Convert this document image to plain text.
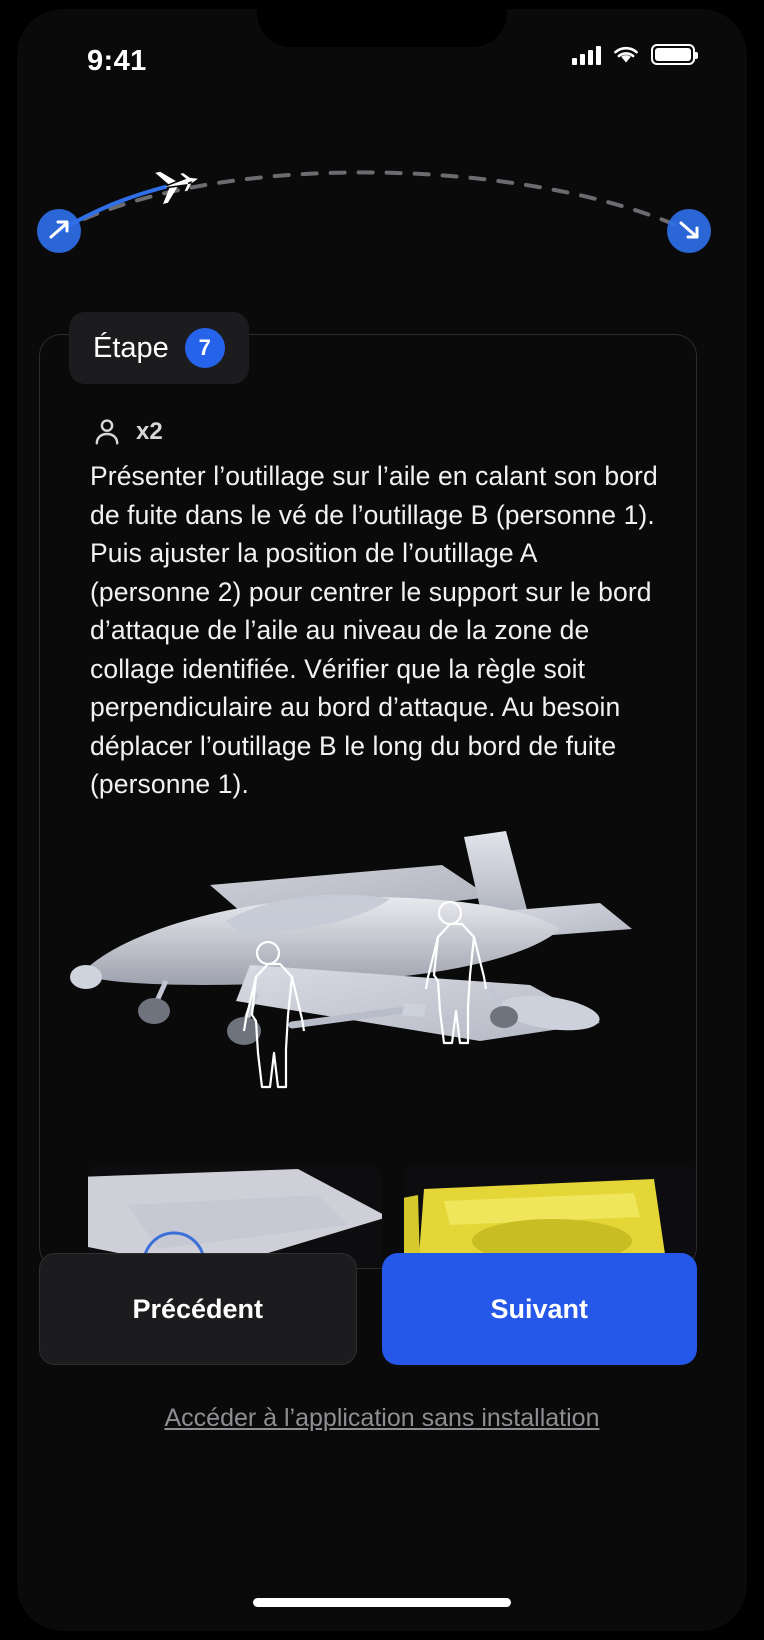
9:41
Étape	7
x2
Présenter l’outillage sur l’aile en calant son bord de fuite dans le vé de l’outillage B (personne 1). Puis ajuster la position de l’outillage A (personne 2) pour centrer le support sur le bord d’attaque de l’aile au niveau de la zone de collage identifiée. Vérifier que la règle soit perpendiculaire au bord d’attaque. Au besoin déplacer l’outillage B le long du bord de fuite (personne 1).
Précédent	Suivant
Accéder à l’application sans installation
